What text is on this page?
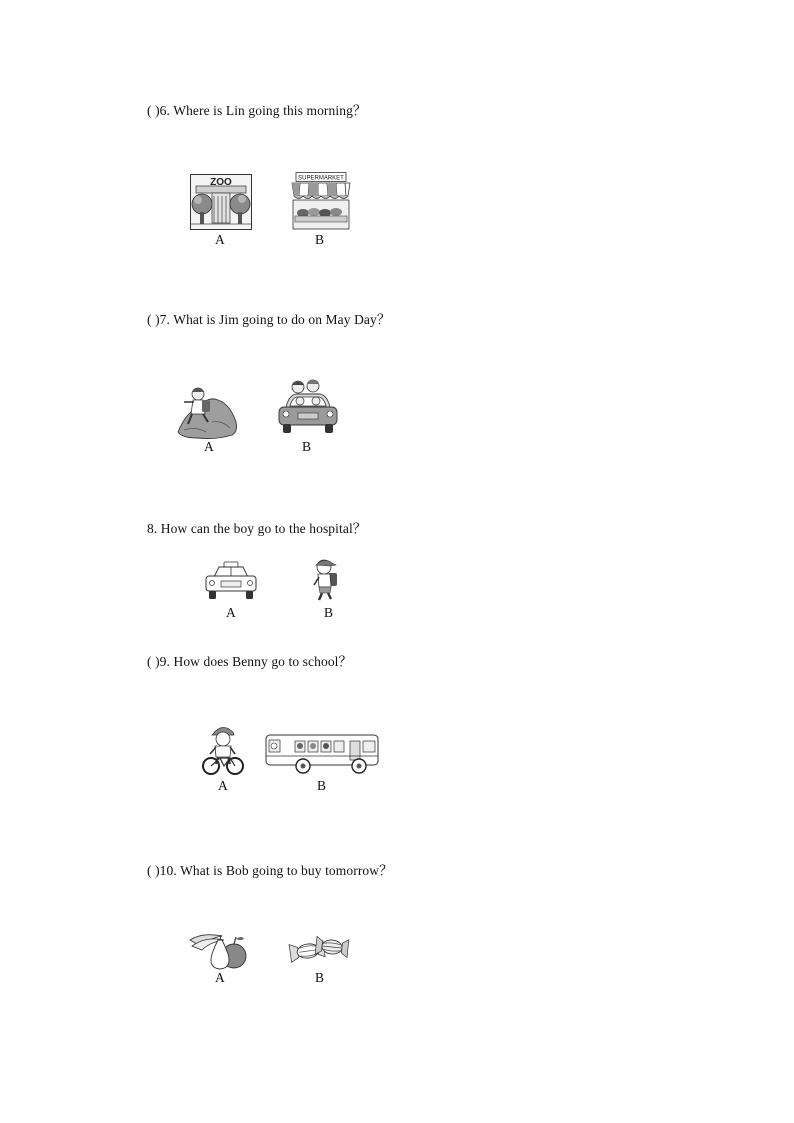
( )6. Where is Lin going this morning？
ZOO
A
SUPERMARKET
B
( )7. What is Jim going to do on May Day？
A	B
8. How can the boy go to the hospital？
A	B
( )9. How does Benny go to school？
A	B
( )10. What is Bob going to buy tomorrow？
A	B
